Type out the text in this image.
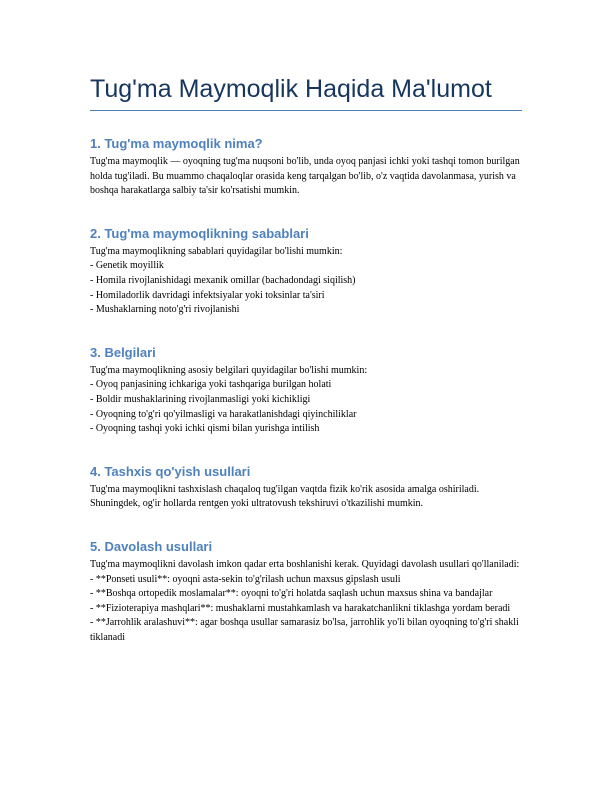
Tug'ma Maymoqlik Haqida Ma'lumot
1. Tug'ma maymoqlik nima?

Tug'ma maymoqlik — oyoqning tug'ma nuqsoni bo'lib, unda oyoq panjasi ichki yoki tashqi tomon burilgan holda tug'iladi. Bu muammo chaqaloqlar orasida keng tarqalgan bo'lib, o'z vaqtida davolanmasa, yurish va boshqa harakatlarga salbiy ta'sir ko'rsatishi mumkin.

2. Tug'ma maymoqlikning sabablari

Tug'ma maymoqlikning sabablari quyidagilar bo'lishi mumkin:

- Genetik moyillik

- Homila rivojlanishidagi mexanik omillar (bachadondagi siqilish)

- Homiladorlik davridagi infektsiyalar yoki toksinlar ta'siri

- Mushaklarning noto'g'ri rivojlanishi

3. Belgilari

Tug'ma maymoqlikning asosiy belgilari quyidagilar bo'lishi mumkin:

- Oyoq panjasining ichkariga yoki tashqariga burilgan holati

- Boldir mushaklarining rivojlanmasligi yoki kichikligi

- Oyoqning to'g'ri qo'yilmasligi va harakatlanishdagi qiyinchiliklar

- Oyoqning tashqi yoki ichki qismi bilan yurishga intilish

4. Tashxis qo'yish usullari

Tug'ma maymoqlikni tashxislash chaqaloq tug'ilgan vaqtda fizik ko'rik asosida amalga oshiriladi. Shuningdek, og'ir hollarda rentgen yoki ultratovush tekshiruvi o'tkazilishi mumkin.

5. Davolash usullari

Tug'ma maymoqlikni davolash imkon qadar erta boshlanishi kerak. Quyidagi davolash usullari qo'llaniladi:

- **Ponseti usuli**: oyoqni asta-sekin to'g'rilash uchun maxsus gipslash usuli

- **Boshqa ortopedik moslamalar**: oyoqni to'g'ri holatda saqlash uchun maxsus shina va bandajlar

- **Fizioterapiya mashqlari**: mushaklarni mustahkamlash va harakatchanlikni tiklashga yordam beradi

- **Jarrohlik aralashuvi**: agar boshqa usullar samarasiz bo'lsa, jarrohlik yo'li bilan oyoqning to'g'ri shakli tiklanadi
